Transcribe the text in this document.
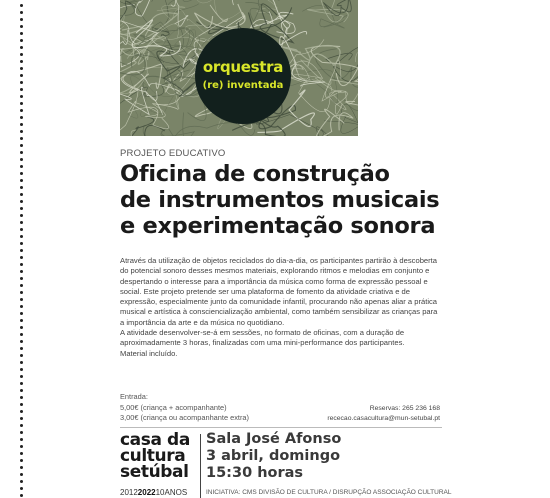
orquestra
(re) inventada
PROJETO EDUCATIVO
Oficina de construção
de instrumentos musicais
e experimentação sonora

Através da utilização de objetos reciclados do dia-a-dia, os participantes partirão à descoberta do potencial sonoro desses mesmos materiais, explorando ritmos e melodias em conjunto e despertando o interesse para a importância da música como forma de expressão pessoal e social. Este projeto pretende ser uma plataforma de fomento da atividade criativa e de expressão, especialmente junto da comunidade infantil, procurando não apenas aliar a prática musical e artística à consciencialização ambiental, como também sensibilizar as crianças para a importância da arte e da música no quotidiano.

A atividade desenvolver-se-á em sessões, no formato de oficinas, com a duração de aproximadamente 3 horas, finalizadas com uma mini-performance dos participantes.

Material incluído.

Entrada:
5,00€ (criança + acompanhante)
3,00€ (criança ou acompanhante extra)
Reservas: 265 236 168
rececao.casacultura@mun-setubal.pt
casa da
cultura
setúbal
2012202210ANOS
Sala José Afonso
3 abril, domingo
15:30 horas
INICIATIVA: CMS DIVISÃO DE CULTURA / DISRUPÇÃO ASSOCIAÇÃO CULTURAL
